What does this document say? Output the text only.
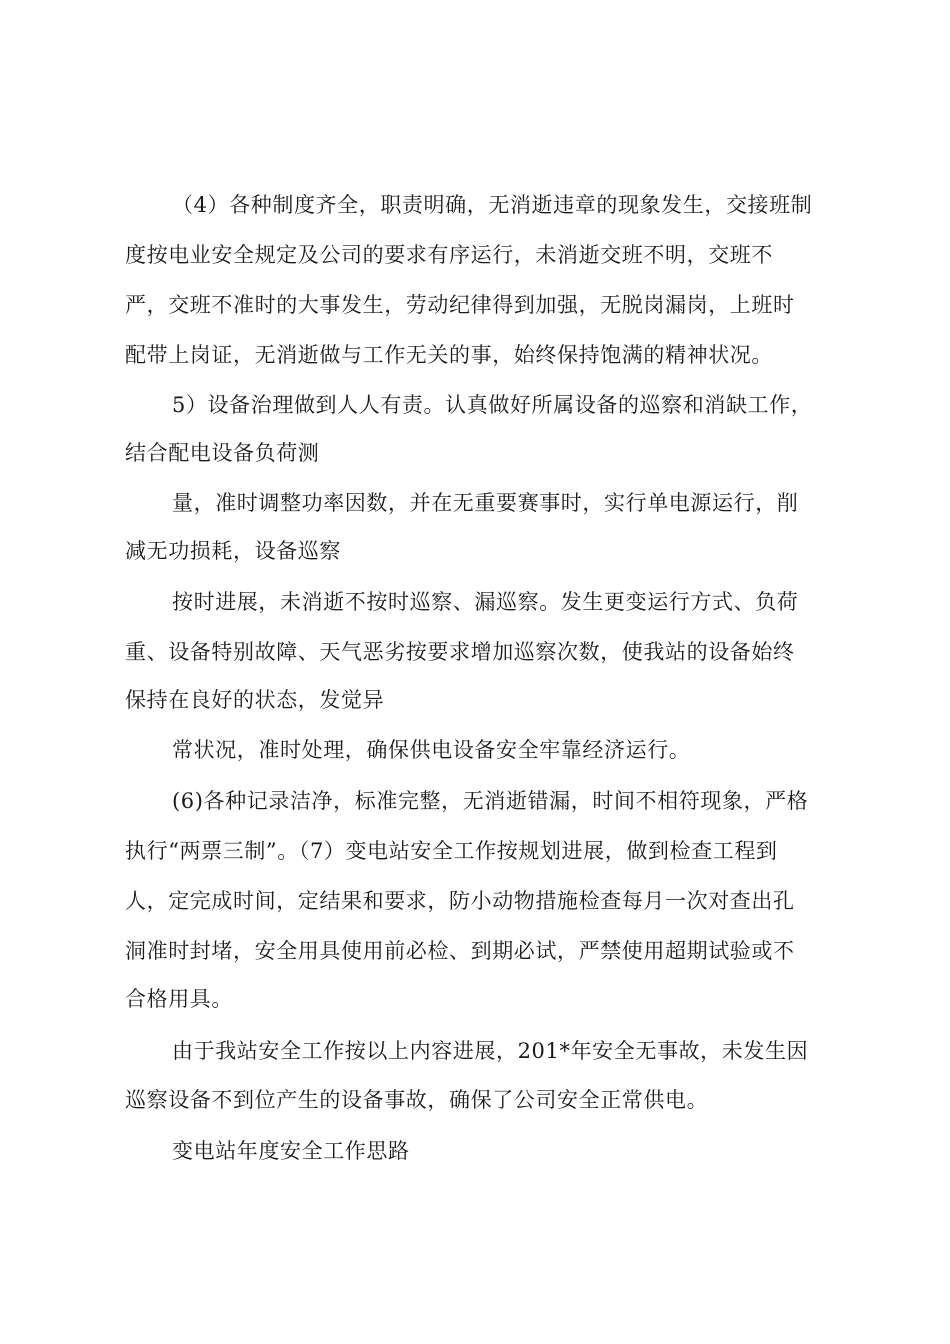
（4）各种制度齐全，职责明确，无消逝违章的现象发生，交接班制
度按电业安全规定及公司的要求有序运行，未消逝交班不明，交班不
严，交班不准时的大事发生，劳动纪律得到加强，无脱岗漏岗，上班时
配带上岗证，无消逝做与工作无关的事，始终保持饱满的精神状况。
5）设备治理做到人人有责。认真做好所属设备的巡察和消缺工作，
结合配电设备负荷测
量，准时调整功率因数，并在无重要赛事时，实行单电源运行，削
减无功损耗，设备巡察
按时进展，未消逝不按时巡察、漏巡察。发生更变运行方式、负荷
重、设备特别故障、天气恶劣按要求增加巡察次数，使我站的设备始终
保持在良好的状态，发觉异
常状况，准时处理，确保供电设备安全牢靠经济运行。
(6)各种记录洁净，标准完整，无消逝错漏，时间不相符现象，严格
执行“两票三制”。（7）变电站安全工作按规划进展，做到检查工程到
人，定完成时间，定结果和要求，防小动物措施检查每月一次对查出孔
洞准时封堵，安全用具使用前必检、到期必试，严禁使用超期试验或不
合格用具。
由于我站安全工作按以上内容进展，201*年安全无事故，未发生因
巡察设备不到位产生的设备事故，确保了公司安全正常供电。
变电站年度安全工作思路
